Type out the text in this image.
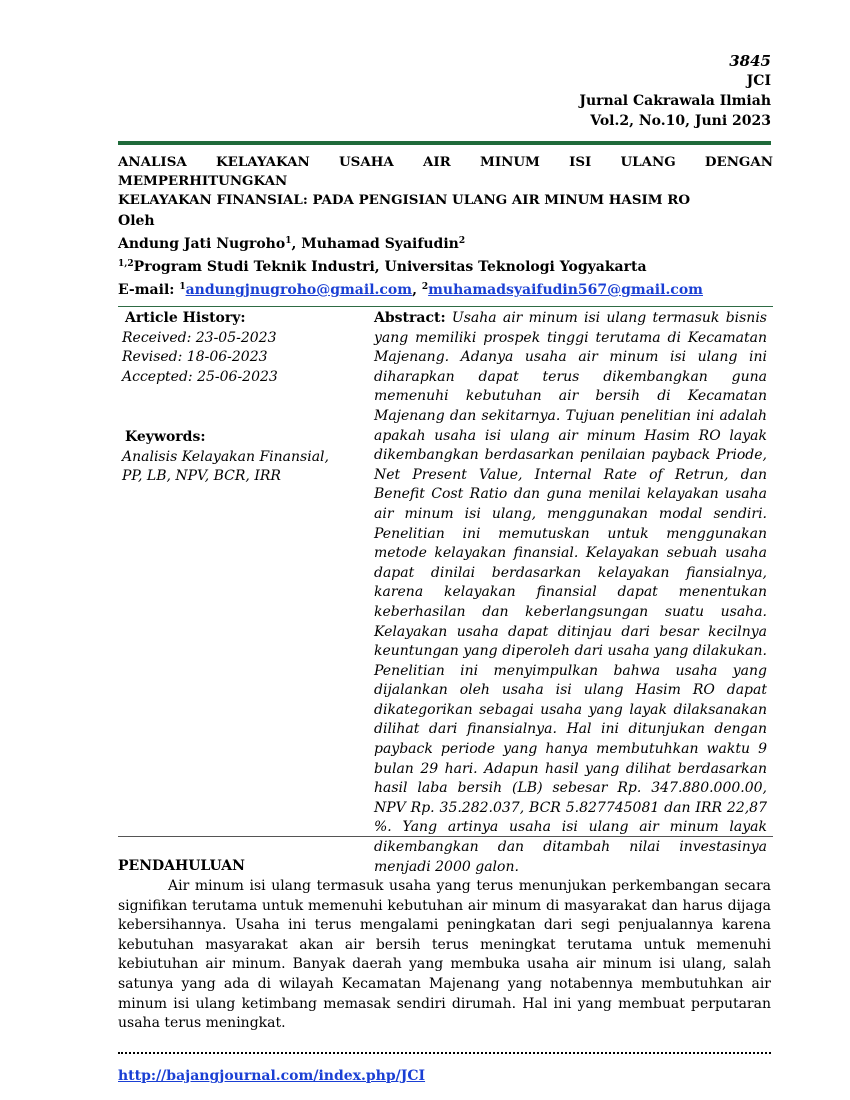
3845
JCI
Jurnal Cakrawala Ilmiah
Vol.2, No.10, Juni 2023
ANALISA KELAYAKAN USAHA AIR MINUM ISI ULANG DENGAN MEMPERHITUNGKAN
KELAYAKAN FINANSIAL: PADA PENGISIAN ULANG AIR MINUM HASIM RO
Oleh
Andung Jati Nugroho$^1$, Muhamad Syaifudin$^2$
$^{1,2}$Program Studi Teknik Industri, Universitas Teknologi Yogyakarta
E-mail: $^1$andungjnugroho@gmail.com, $^2$muhamadsyaifudin567@gmail.com
Article History:
Received: 23-05-2023
Revised: 18-06-2023
Accepted: 25-06-2023
Keywords:
Analisis Kelayakan Finansial,
PP, LB, NPV, BCR, IRR
Abstract: Usaha air minum isi ulang termasuk bisnis yang memiliki prospek tinggi terutama di Kecamatan Majenang. Adanya usaha air minum isi ulang ini diharapkan dapat terus dikembangkan guna memenuhi kebutuhan air bersih di Kecamatan Majenang dan sekitarnya. Tujuan penelitian ini adalah apakah usaha isi ulang air minum Hasim RO layak dikembangkan berdasarkan penilaian payback Priode, Net Present Value, Internal Rate of Retrun, dan Benefit Cost Ratio dan guna menilai kelayakan usaha air minum isi ulang, menggunakan modal sendiri. Penelitian ini memutuskan untuk menggunakan metode kelayakan finansial. Kelayakan sebuah usaha dapat dinilai berdasarkan kelayakan fiansialnya, karena kelayakan finansial dapat menentukan keberhasilan dan keberlangsungan suatu usaha. Kelayakan usaha dapat ditinjau dari besar kecilnya keuntungan yang diperoleh dari usaha yang dilakukan. Penelitian ini menyimpulkan bahwa usaha yang dijalankan oleh usaha isi ulang Hasim RO dapat dikategorikan sebagai usaha yang layak dilaksanakan dilihat dari finansialnya. Hal ini ditunjukan dengan payback periode yang hanya membutuhkan waktu 9 bulan 29 hari. Adapun hasil yang dilihat berdasarkan hasil laba bersih (LB) sebesar Rp. 347.880.000.00, NPV Rp. 35.282.037, BCR 5.827745081 dan IRR 22,87 %. Yang artinya usaha isi ulang air minum layak dikembangkan dan ditambah nilai investasinya menjadi 2000 galon.
PENDAHULUAN

Air minum isi ulang termasuk usaha yang terus menunjukan perkembangan secara signifikan terutama untuk memenuhi kebutuhan air minum di masyarakat dan harus dijaga kebersihannya. Usaha ini terus mengalami peningkatan dari segi penjualannya karena kebutuhan masyarakat akan air bersih terus meningkat terutama untuk memenuhi kebiutuhan air minum. Banyak daerah yang membuka usaha air minum isi ulang, salah satunya yang ada di wilayah Kecamatan Majenang yang notabennya membutuhkan air minum isi ulang ketimbang memasak sendiri dirumah. Hal ini yang membuat perputaran usaha terus meningkat.

http://bajangjournal.com/index.php/JCI
